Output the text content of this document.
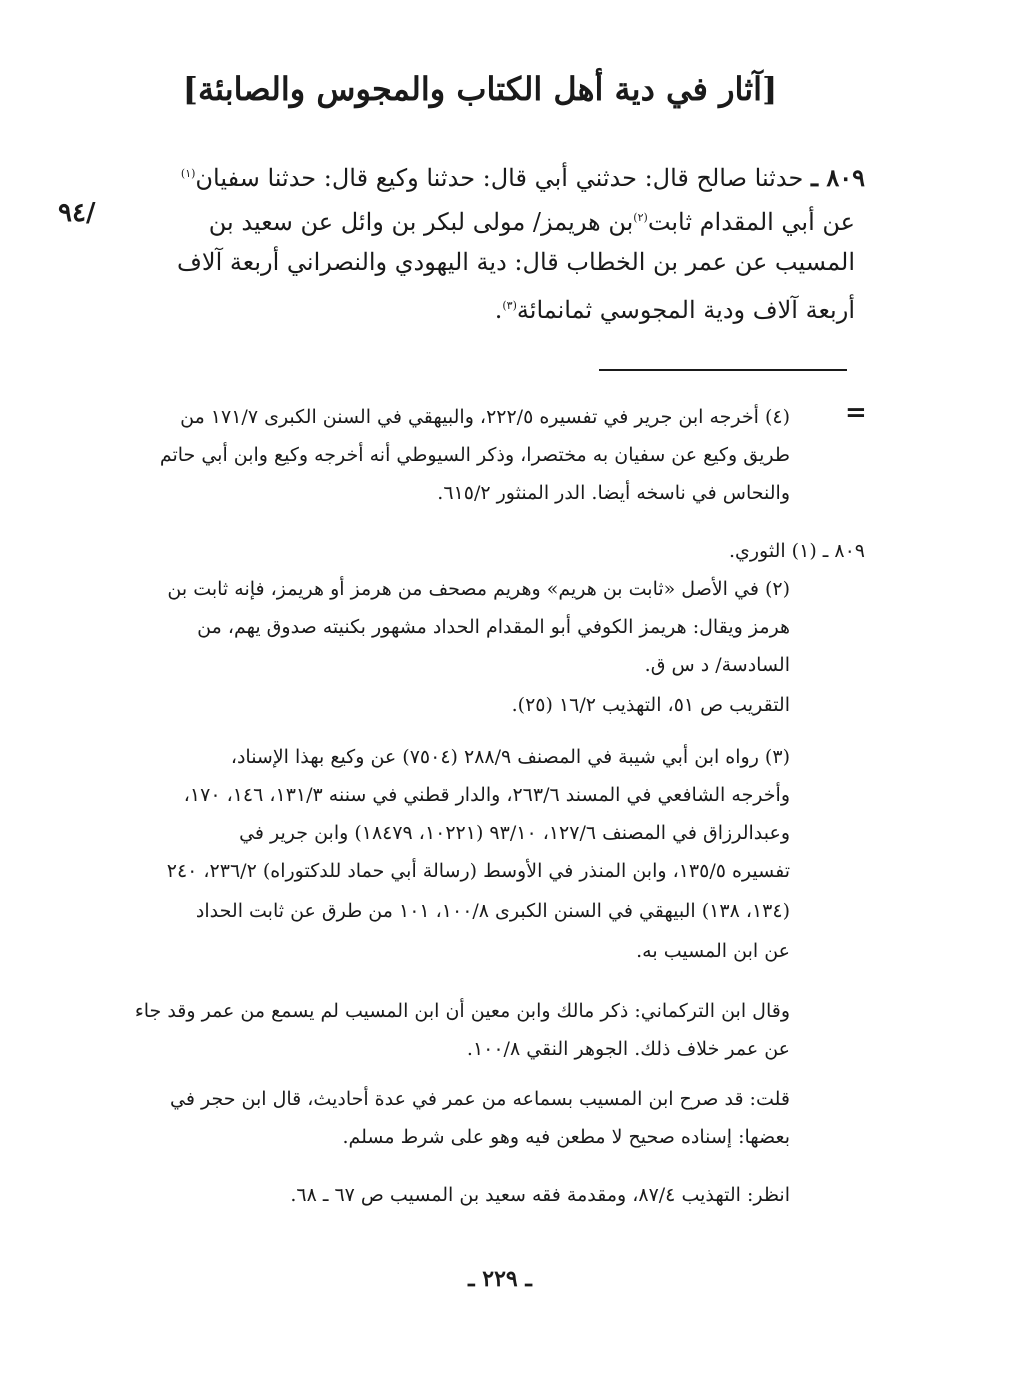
[آثار في دية أهل الكتاب والمجوس والصابئة]
٨٠٩ ـ حدثنا صالح قال: حدثني أبي قال: حدثنا وكيع قال: حدثنا سفيان$^{(١)}$
عن أبي المقدام ثابت$^{(٢)}$بن هريمز/ مولى لبكر بن وائل عن سعيد بن
المسيب عن عمر بن الخطاب قال: دية اليهودي والنصراني أربعة آلاف
أربعة آلاف ودية المجوسي ثمانمائة$^{(٣)}$.
٩٤/
=
(٤) أخرجه ابن جرير في تفسيره ٢٢٢/٥، والبيهقي في السنن الكبرى ١٧١/٧ من
طريق وكيع عن سفيان به مختصرا، وذكر السيوطي أنه أخرجه وكيع وابن أبي حاتم
والنحاس في ناسخه أيضا. الدر المنثور ٦١٥/٢.
٨٠٩ ـ (١) الثوري.
(٢) في الأصل «ثابت بن هريم» وهريم مصحف من هرمز أو هريمز، فإنه ثابت بن
هرمز ويقال: هريمز الكوفي أبو المقدام الحداد مشهور بكنيته صدوق يهم، من
السادسة/ د س ق.
التقريب ص ٥١، التهذيب ١٦/٢ (٢٥).
(٣) رواه ابن أبي شيبة في المصنف ٢٨٨/٩ (٧٥٠٤) عن وكيع بهذا الإسناد،
وأخرجه الشافعي في المسند ٢٦٣/٦، والدار قطني في سننه ١٣١/٣، ١٤٦، ١٧٠،
وعبدالرزاق في المصنف ١٢٧/٦، ٩٣/١٠ (١٠٢٢١، ١٨٤٧٩) وابن جرير في
تفسيره ١٣٥/٥، وابن المنذر في الأوسط (رسالة أبي حماد للدكتوراه) ٢٣٦/٢، ٢٤٠
(١٣٤، ١٣٨) البيهقي في السنن الكبرى ١٠٠/٨، ١٠١ من طرق عن ثابت الحداد
عن ابن المسيب به.
وقال ابن التركماني: ذكر مالك وابن معين أن ابن المسيب لم يسمع من عمر وقد جاء
عن عمر خلاف ذلك. الجوهر النقي ١٠٠/٨.
قلت: قد صرح ابن المسيب بسماعه من عمر في عدة أحاديث، قال ابن حجر في
بعضها: إسناده صحيح لا مطعن فيه وهو على شرط مسلم.
انظر: التهذيب ٨٧/٤، ومقدمة فقه سعيد بن المسيب ص ٦٧ ـ ٦٨.
ـ ٢٢٩ ـ
